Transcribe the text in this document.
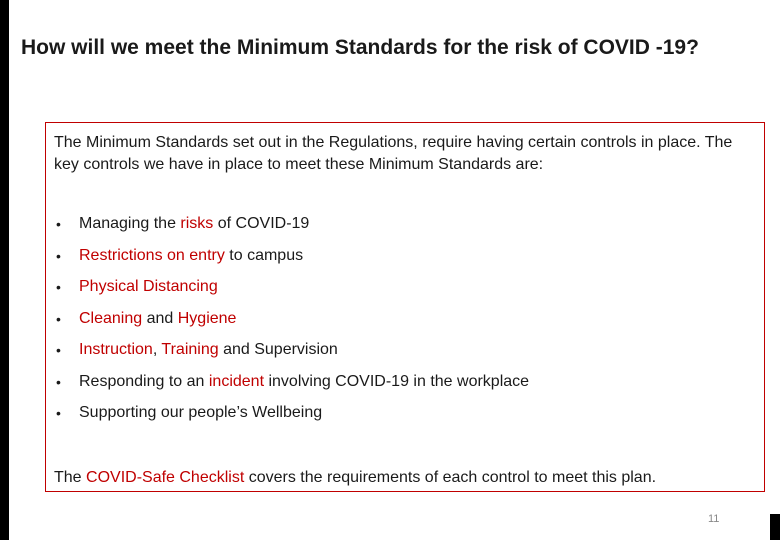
How will we meet the Minimum Standards for the risk of COVID -19?

The Minimum Standards set out in the Regulations, require having certain controls in place. The key controls we have in place to meet these Minimum Standards are:

•	Managing the risks of COVID-19
•	Restrictions on entry to campus
•	Physical Distancing
•	Cleaning and Hygiene
•	Instruction, Training and Supervision
•	Responding to an incident involving COVID-19 in the workplace
•	Supporting our people’s Wellbeing

The COVID-Safe Checklist covers the requirements of each control to meet this plan.

11
